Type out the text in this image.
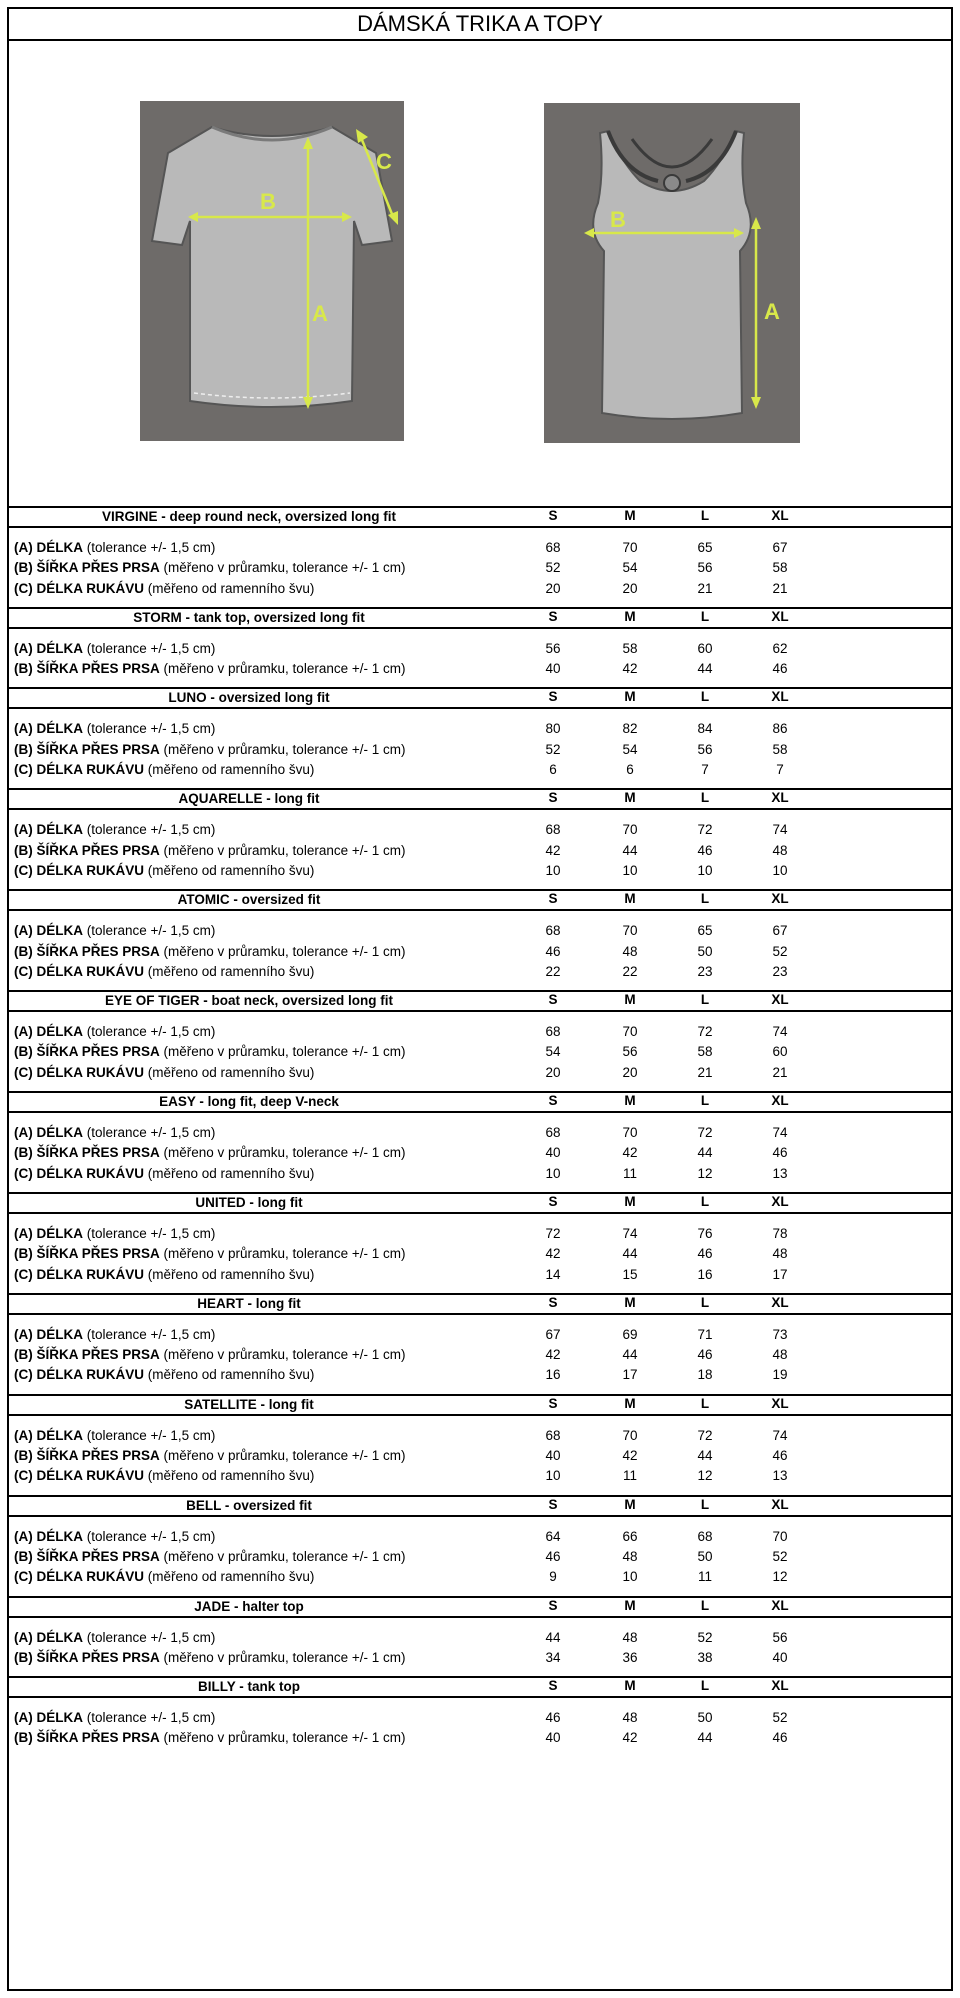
DÁMSKÁ TRIKA A TOPY
A
B
C
A
B
VIRGINE - deep round neck, oversized long fit	S	M	L	XL
(A) DÉLKA (tolerance +/- 1,5 cm)	68	70	65	67
(B) ŠÍŘKA PŘES PRSA (měřeno v průramku, tolerance +/- 1 cm)	52	54	56	58
(C) DÉLKA RUKÁVU (měřeno od ramenního švu)	20	20	21	21
STORM - tank top, oversized long fit	S	M	L	XL
(A) DÉLKA (tolerance +/- 1,5 cm)	56	58	60	62
(B) ŠÍŘKA PŘES PRSA (měřeno v průramku, tolerance +/- 1 cm)	40	42	44	46
LUNO - oversized long fit	S	M	L	XL
(A) DÉLKA (tolerance +/- 1,5 cm)	80	82	84	86
(B) ŠÍŘKA PŘES PRSA (měřeno v průramku, tolerance +/- 1 cm)	52	54	56	58
(C) DÉLKA RUKÁVU (měřeno od ramenního švu)	6	6	7	7
AQUARELLE - long fit	S	M	L	XL
(A) DÉLKA (tolerance +/- 1,5 cm)	68	70	72	74
(B) ŠÍŘKA PŘES PRSA (měřeno v průramku, tolerance +/- 1 cm)	42	44	46	48
(C) DÉLKA RUKÁVU (měřeno od ramenního švu)	10	10	10	10
ATOMIC - oversized fit	S	M	L	XL
(A) DÉLKA (tolerance +/- 1,5 cm)	68	70	65	67
(B) ŠÍŘKA PŘES PRSA (měřeno v průramku, tolerance +/- 1 cm)	46	48	50	52
(C) DÉLKA RUKÁVU (měřeno od ramenního švu)	22	22	23	23
EYE OF TIGER - boat neck, oversized long fit	S	M	L	XL
(A) DÉLKA (tolerance +/- 1,5 cm)	68	70	72	74
(B) ŠÍŘKA PŘES PRSA (měřeno v průramku, tolerance +/- 1 cm)	54	56	58	60
(C) DÉLKA RUKÁVU (měřeno od ramenního švu)	20	20	21	21
EASY - long fit, deep V-neck	S	M	L	XL
(A) DÉLKA (tolerance +/- 1,5 cm)	68	70	72	74
(B) ŠÍŘKA PŘES PRSA (měřeno v průramku, tolerance +/- 1 cm)	40	42	44	46
(C) DÉLKA RUKÁVU (měřeno od ramenního švu)	10	11	12	13
UNITED - long fit	S	M	L	XL
(A) DÉLKA (tolerance +/- 1,5 cm)	72	74	76	78
(B) ŠÍŘKA PŘES PRSA (měřeno v průramku, tolerance +/- 1 cm)	42	44	46	48
(C) DÉLKA RUKÁVU (měřeno od ramenního švu)	14	15	16	17
HEART - long fit	S	M	L	XL
(A) DÉLKA (tolerance +/- 1,5 cm)	67	69	71	73
(B) ŠÍŘKA PŘES PRSA (měřeno v průramku, tolerance +/- 1 cm)	42	44	46	48
(C) DÉLKA RUKÁVU (měřeno od ramenního švu)	16	17	18	19
SATELLITE - long fit	S	M	L	XL
(A) DÉLKA (tolerance +/- 1,5 cm)	68	70	72	74
(B) ŠÍŘKA PŘES PRSA (měřeno v průramku, tolerance +/- 1 cm)	40	42	44	46
(C) DÉLKA RUKÁVU (měřeno od ramenního švu)	10	11	12	13
BELL - oversized fit	S	M	L	XL
(A) DÉLKA (tolerance +/- 1,5 cm)	64	66	68	70
(B) ŠÍŘKA PŘES PRSA (měřeno v průramku, tolerance +/- 1 cm)	46	48	50	52
(C) DÉLKA RUKÁVU (měřeno od ramenního švu)	9	10	11	12
JADE - halter top	S	M	L	XL
(A) DÉLKA (tolerance +/- 1,5 cm)	44	48	52	56
(B) ŠÍŘKA PŘES PRSA (měřeno v průramku, tolerance +/- 1 cm)	34	36	38	40
BILLY - tank top	S	M	L	XL
(A) DÉLKA (tolerance +/- 1,5 cm)	46	48	50	52
(B) ŠÍŘKA PŘES PRSA (měřeno v průramku, tolerance +/- 1 cm)	40	42	44	46
